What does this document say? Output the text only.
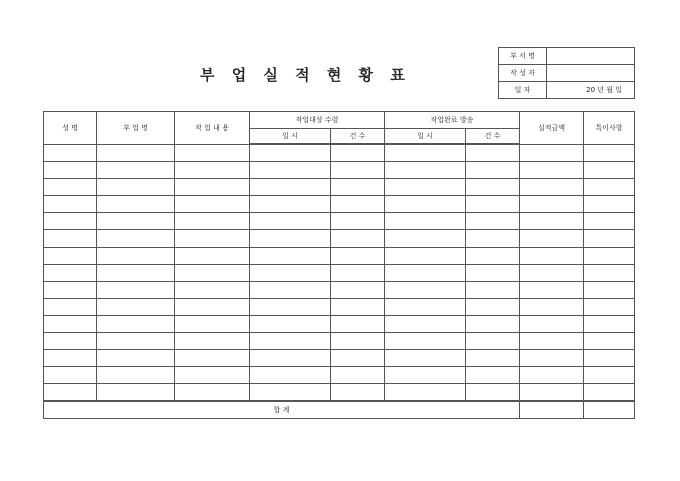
부 업 실 적 현 황 표
부 서 명	
작 성 자	
일 자	20 년 월 일
성 명	부 업 명	작 업 내 용	작업대상 수령		작업완료 발송		실적금액	특이사항
			일 시	건 수	일 시	건 수		

합 계								
